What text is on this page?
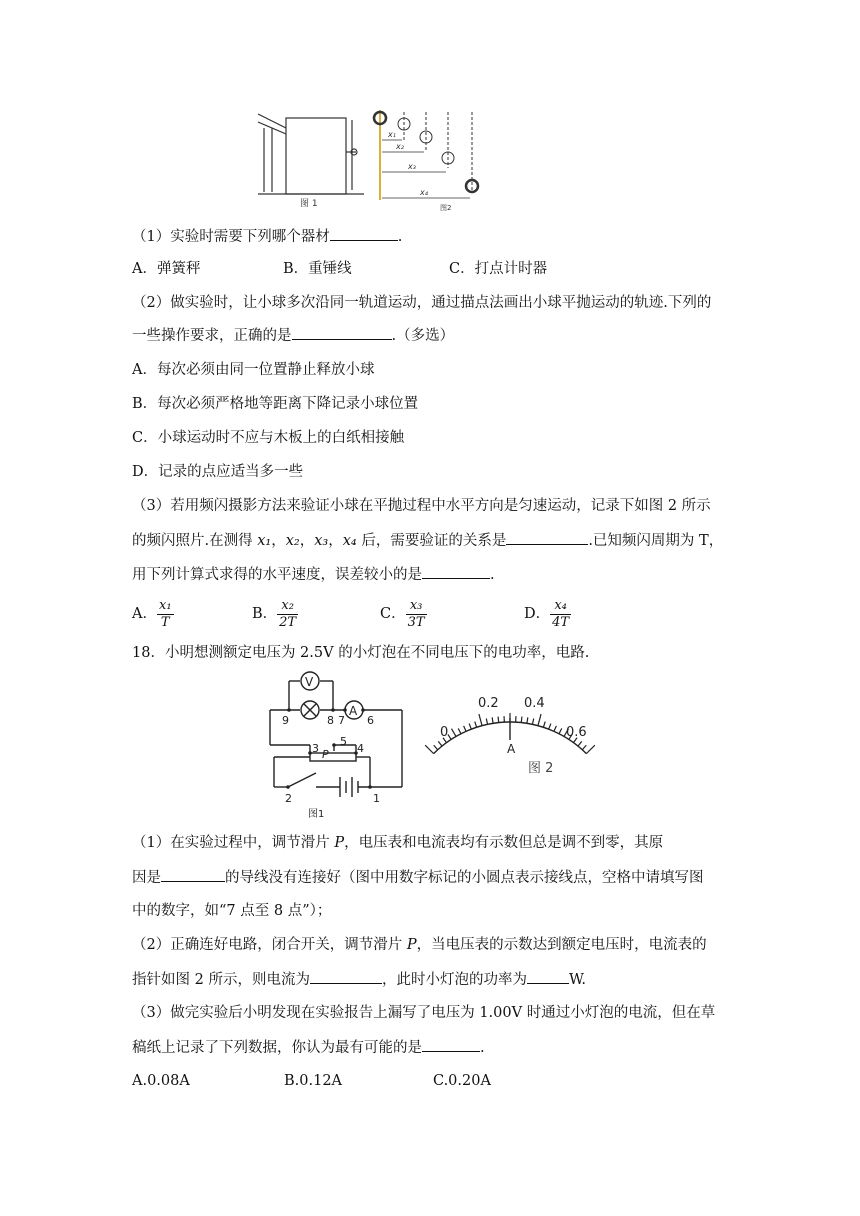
图 1
x₁
x₂
x₃
x₄
图2
（1）实验时需要下列哪个器材	.
A．弹簧秤	B．重锤线	C．打点计时器
（2）做实验时，让小球多次沿同一轨道运动，通过描点法画出小球平抛运动的轨迹.下列的
一些操作要求，正确的是	.（多选）
A．每次必须由同一位置静止释放小球
B．每次必须严格地等距离下降记录小球位置
C．小球运动时不应与木板上的白纸相接触
D．记录的点应适当多一些
（3）若用频闪摄影方法来验证小球在平抛过程中水平方向是匀速运动，记录下如图 2 所示
的频闪照片.在测得 x₁，x₂，x₃，x₄ 后，需要验证的关系是	.已知频闪周期为 T，
用下列计算式求得的水平速度，误差较小的是	.
A． $\frac{\text{x₁}}{T}$	B． $\frac{\text{x₂}}{2T}$	C． $\frac{\text{x₃}}{3T}$	D． $\frac{\text{x₄}}{4T}$
18．小明想测额定电压为 2.5V 的小灯泡在不同电压下的电功率，电路.
V
A
9	8 7 6
3 P
5
4
2	1
图1
0
0.2 0.4
0.6
A
图 2
（1）在实验过程中，调节滑片 P，电压表和电流表均有示数但总是调不到零，其原
因是	的导线没有连接好（图中用数字标记的小圆点表示接线点，空格中请填写图
中的数字，如“7 点至 8 点”）；
（2）正确连好电路，闭合开关，调节滑片 P，当电压表的示数达到额定电压时，电流表的
指针如图 2 所示，则电流为	，此时小灯泡的功率为	W.
（3）做完实验后小明发现在实验报告上漏写了电压为 1.00V 时通过小灯泡的电流，但在草
稿纸上记录了下列数据，你认为最有可能的是	.
A.0.08A	B.0.12A	C.0.20A
